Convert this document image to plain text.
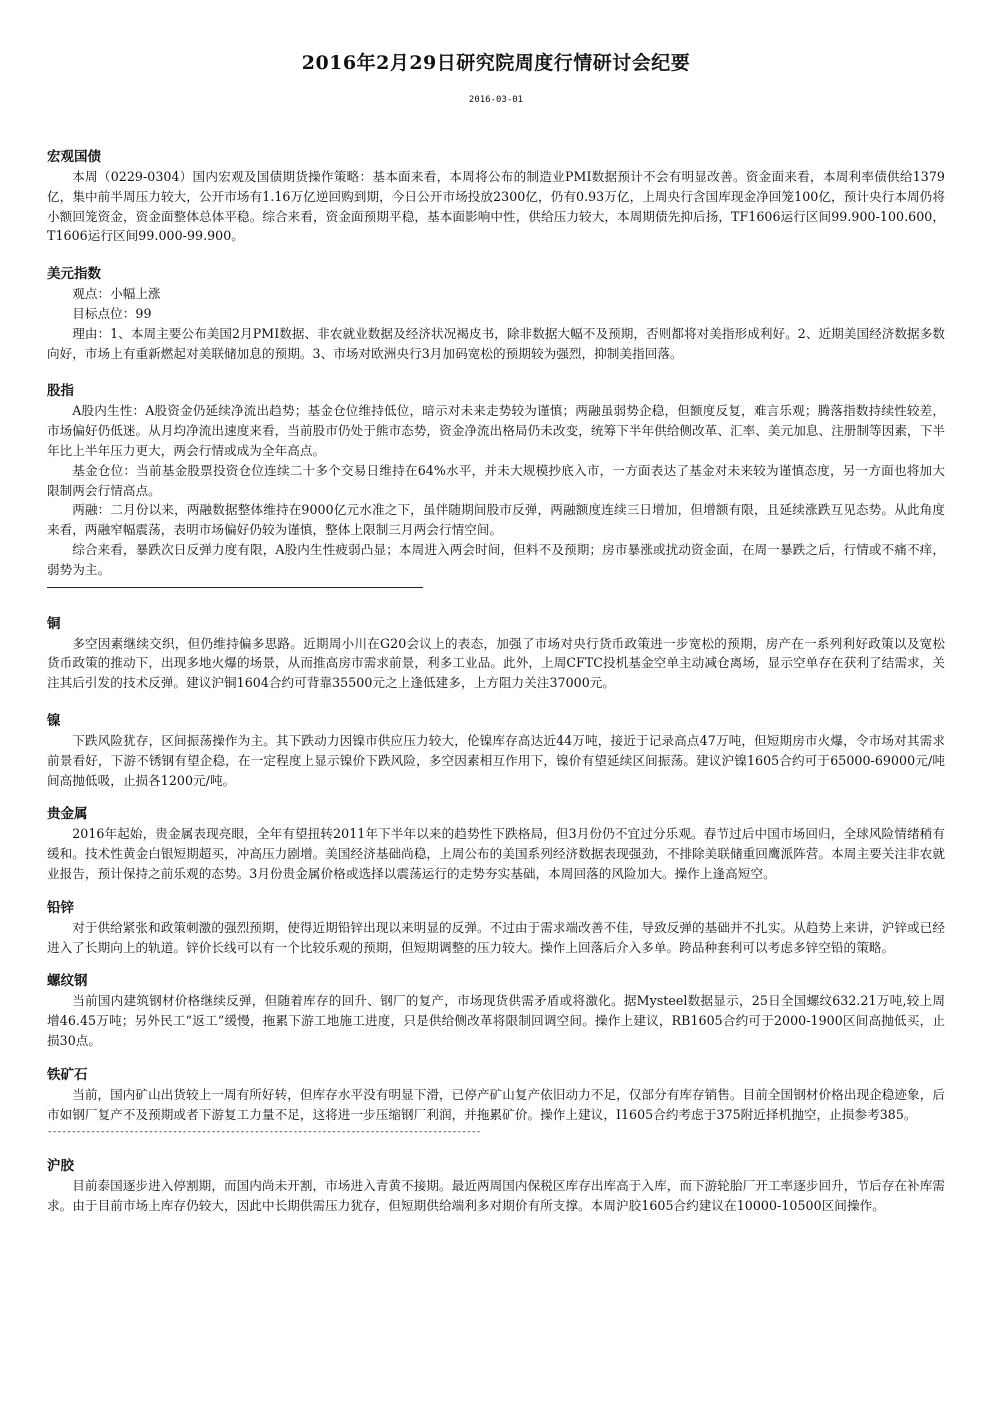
2016年2月29日研究院周度行情研讨会纪要
2016-03-01

宏观国债

本周（0229-0304）国内宏观及国债期货操作策略：基本面来看，本周将公布的制造业PMI数据预计不会有明显改善。资金面来看，本周利率债供给1379亿，集中前半周压力较大，公开市场有1.16万亿逆回购到期，今日公开市场投放2300亿，仍有0.93万亿，上周央行含国库现金净回笼100亿，预计央行本周仍将小额回笼资金，资金面整体总体平稳。综合来看，资金面预期平稳，基本面影响中性，供给压力较大，本周期债先抑后扬，TF1606运行区间99.900-100.600，T1606运行区间99.000-99.900。

美元指数

观点：小幅上涨

目标点位：99

理由：1、本周主要公布美国2月PMI数据、非农就业数据及经济状况褐皮书，除非数据大幅不及预期，否则都将对美指形成利好。2、近期美国经济数据多数向好，市场上有重新燃起对美联储加息的预期。3、市场对欧洲央行3月加码宽松的预期较为强烈，抑制美指回落。

股指

A股内生性：A股资金仍延续净流出趋势；基金仓位维持低位，暗示对未来走势较为谨慎；两融虽弱势企稳，但额度反复，难言乐观；腾落指数持续性较差，市场偏好仍低迷。从月均净流出速度来看，当前股市仍处于熊市态势，资金净流出格局仍未改变，统筹下半年供给侧改革、汇率、美元加息、注册制等因素，下半年比上半年压力更大，两会行情或成为全年高点。

基金仓位：当前基金股票投资仓位连续二十多个交易日维持在64%水平，并未大规模抄底入市，一方面表达了基金对未来较为谨慎态度，另一方面也将加大限制两会行情高点。

两融：二月份以来，两融数据整体维持在9000亿元水准之下，虽伴随期间股市反弹，两融额度连续三日增加，但增额有限，且延续涨跌互见态势。从此角度来看，两融窄幅震荡，表明市场偏好仍较为谨慎，整体上限制三月两会行情空间。

综合来看，暴跌次日反弹力度有限，A股内生性疲弱凸显；本周进入两会时间，但料不及预期；房市暴涨或扰动资金面，在周一暴跌之后，行情或不痛不痒，弱势为主。

铜

多空因素继续交织，但仍维持偏多思路。近期周小川在G20会议上的表态，加强了市场对央行货币政策进一步宽松的预期，房产在一系列利好政策以及宽松货币政策的推动下，出现多地火爆的场景，从而推高房市需求前景，利多工业品。此外，上周CFTC投机基金空单主动减仓离场，显示空单存在获利了结需求，关注其后引发的技术反弹。建议沪铜1604合约可背靠35500元之上逢低建多，上方阻力关注37000元。

镍

下跌风险犹存，区间振荡操作为主。其下跌动力因镍市供应压力较大，伦镍库存高达近44万吨，接近于记录高点47万吨，但短期房市火爆，令市场对其需求前景看好，下游不锈钢有望企稳，在一定程度上显示镍价下跌风险，多空因素相互作用下，镍价有望延续区间振荡。建议沪镍1605合约可于65000-69000元/吨间高抛低吸，止损各1200元/吨。

贵金属

2016年起始，贵金属表现亮眼，全年有望扭转2011年下半年以来的趋势性下跌格局，但3月份仍不宜过分乐观。春节过后中国市场回归，全球风险情绪稍有缓和。技术性黄金白银短期超买，冲高压力剧增。美国经济基础尚稳，上周公布的美国系列经济数据表现强劲，不排除美联储重回鹰派阵营。本周主要关注非农就业报告，预计保持之前乐观的态势。3月份贵金属价格或选择以震荡运行的走势夯实基础，本周回落的风险加大。操作上逢高短空。

铅锌

对于供给紧张和政策刺激的强烈预期，使得近期铅锌出现以来明显的反弹。不过由于需求端改善不佳，导致反弹的基础并不扎实。从趋势上来讲，沪锌或已经进入了长期向上的轨道。锌价长线可以有一个比较乐观的预期，但短期调整的压力较大。操作上回落后介入多单。跨品种套利可以考虑多锌空铅的策略。

螺纹钢

当前国内建筑钢材价格继续反弹，但随着库存的回升、钢厂的复产，市场现货供需矛盾或将激化。据Mysteel数据显示，25日全国螺纹632.21万吨,较上周增46.45万吨；另外民工“返工”缓慢，拖累下游工地施工进度，只是供给侧改革将限制回调空间。操作上建议，RB1605合约可于2000-1900区间高抛低买，止损30点。

铁矿石

当前，国内矿山出货较上一周有所好转，但库存水平没有明显下滑，已停产矿山复产依旧动力不足，仅部分有库存销售。目前全国钢材价格出现企稳迹象，后市如钢厂复产不及预期或者下游复工力量不足，这将进一步压缩钢厂利润，并拖累矿价。操作上建议，I1605合约考虑于375附近择机抛空，止损参考385。

------------------------------------------------------------------------------------------

沪胶

目前泰国逐步进入停割期，而国内尚未开割，市场进入青黄不接期。最近两周国内保税区库存出库高于入库，而下游轮胎厂开工率逐步回升，节后存在补库需求。由于目前市场上库存仍较大，因此中长期供需压力犹存，但短期供给端利多对期价有所支撑。本周沪胶1605合约建议在10000-10500区间操作。
